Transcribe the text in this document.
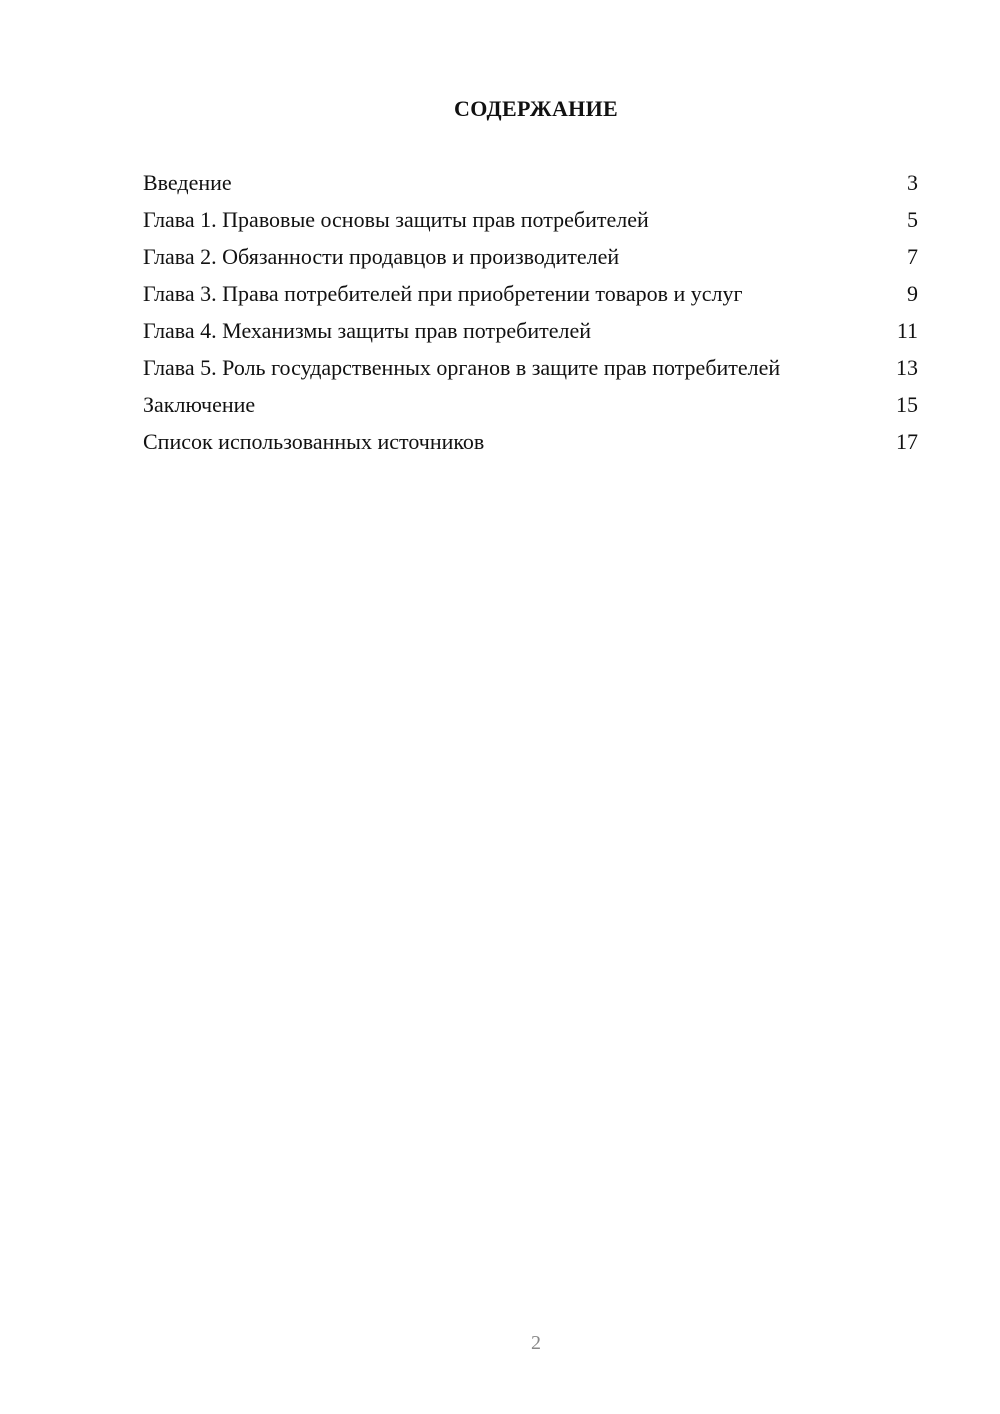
СОДЕРЖАНИЕ
Введение	3
Глава 1. Правовые основы защиты прав потребителей	5
Глава 2. Обязанности продавцов и производителей	7
Глава 3. Права потребителей при приобретении товаров и услуг	9
Глава 4. Механизмы защиты прав потребителей	11
Глава 5. Роль государственных органов в защите прав потребителей	13
Заключение	15
Список использованных источников	17
2
